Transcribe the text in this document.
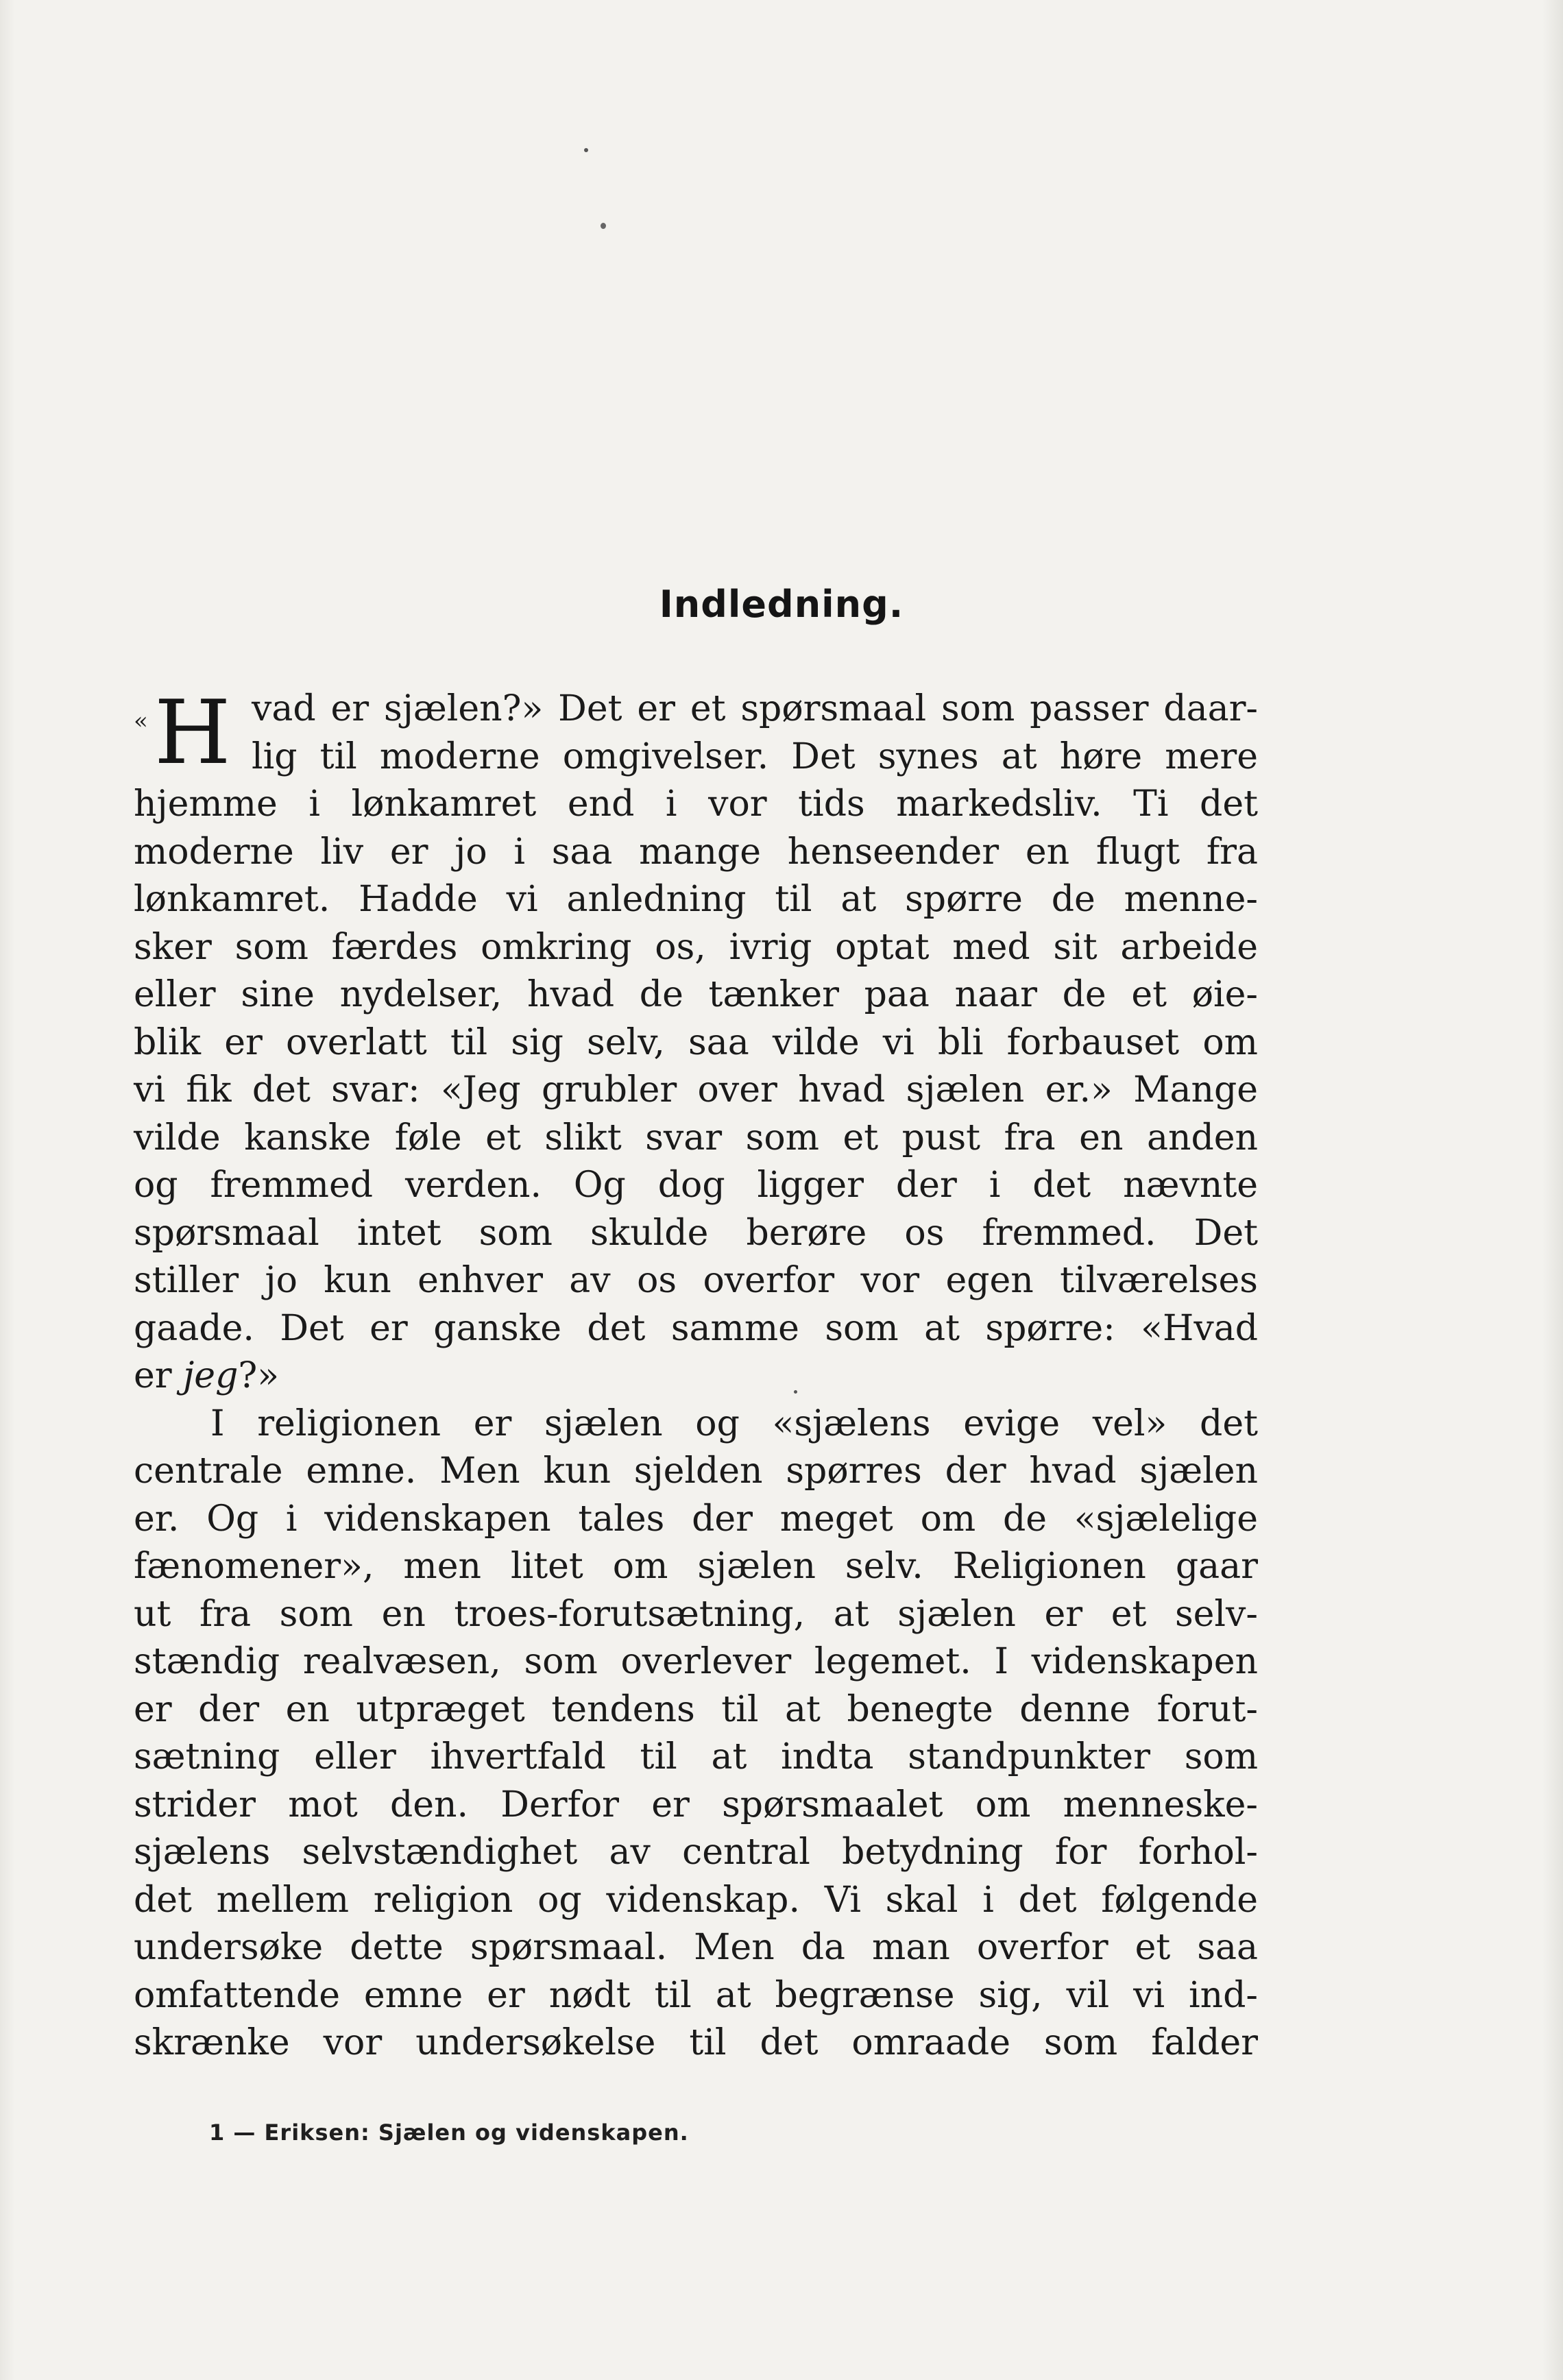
Indledning.
« H vad er sjælen?» Det er et spørsmaal som passer daar-
lig til moderne omgivelser. Det synes at høre mere
hjemme i lønkamret end i vor tids markedsliv. Ti det
moderne liv er jo i saa mange henseender en flugt fra
lønkamret. Hadde vi anledning til at spørre de menne-
sker som færdes omkring os, ivrig optat med sit arbeide
eller sine nydelser, hvad de tænker paa naar de et øie-
blik er overlatt til sig selv, saa vilde vi bli forbauset om
vi fik det svar: «Jeg grubler over hvad sjælen er.» Mange
vilde kanske føle et slikt svar som et pust fra en anden
og fremmed verden. Og dog ligger der i det nævnte
spørsmaal intet som skulde berøre os fremmed. Det
stiller jo kun enhver av os overfor vor egen tilværelses
gaade. Det er ganske det samme som at spørre: «Hvad
er jeg?»
I religionen er sjælen og «sjælens evige vel» det
centrale emne. Men kun sjelden spørres der hvad sjælen
er. Og i videnskapen tales der meget om de «sjælelige
fænomener», men litet om sjælen selv. Religionen gaar
ut fra som en troes-forutsætning, at sjælen er et selv-
stændig realvæsen, som overlever legemet. I videnskapen
er der en utpræget tendens til at benegte denne forut-
sætning eller ihvertfald til at indta standpunkter som
strider mot den. Derfor er spørsmaalet om menneske-
sjælens selvstændighet av central betydning for forhol-
det mellem religion og videnskap. Vi skal i det følgende
undersøke dette spørsmaal. Men da man overfor et saa
omfattende emne er nødt til at begrænse sig, vil vi ind-
skrænke vor undersøkelse til det omraade som falder
1 — Eriksen: Sjælen og videnskapen.
